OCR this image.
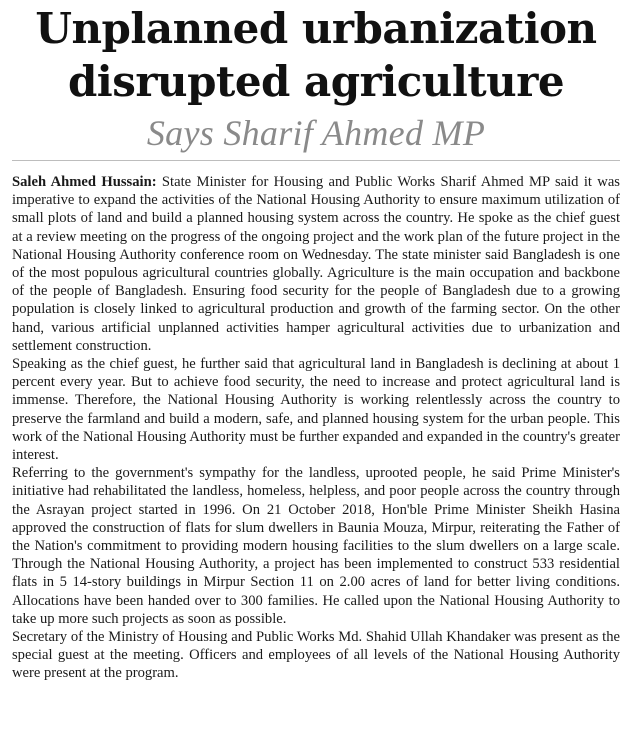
Unplanned urbanization
disrupted agriculture
Says Sharif Ahmed MP

Saleh Ahmed Hussain: State Minister for Housing and Public Works Sharif Ahmed MP said it was imperative to expand the activities of the National Housing Authority to ensure maximum utilization of small plots of land and build a planned housing system across the country. He spoke as the chief guest at a review meeting on the progress of the ongoing project and the work plan of the future project in the National Housing Authority conference room on Wednesday. The state minister said Bangladesh is one of the most populous agricultural countries globally. Agriculture is the main occupation and backbone of the people of Bangladesh. Ensuring food security for the people of Bangladesh due to a growing population is closely linked to agricultural production and growth of the farming sector. On the other hand, various artificial unplanned activities hamper agricultural activities due to urbanization and settlement construction.

Speaking as the chief guest, he further said that agricultural land in Bangladesh is declining at about 1 percent every year. But to achieve food security, the need to increase and protect agricultural land is immense. Therefore, the National Housing Authority is working relentlessly across the country to preserve the farmland and build a modern, safe, and planned housing system for the urban people. This work of the National Housing Authority must be further expanded and expanded in the country's greater interest.

Referring to the government's sympathy for the landless, uprooted people, he said Prime Minister's initiative had rehabilitated the landless, homeless, helpless, and poor people across the country through the Asrayan project started in 1996. On 21 October 2018, Hon'ble Prime Minister Sheikh Hasina approved the construction of flats for slum dwellers in Baunia Mouza, Mirpur, reiterating the Father of the Nation's commitment to providing modern housing facilities to the slum dwellers on a large scale. Through the National Housing Authority, a project has been implemented to construct 533 residential flats in 5 14-story buildings in Mirpur Section 11 on 2.00 acres of land for better living conditions. Allocations have been handed over to 300 families. He called upon the National Housing Authority to take up more such projects as soon as possible.

Secretary of the Ministry of Housing and Public Works Md. Shahid Ullah Khandaker was present as the special guest at the meeting. Officers and employees of all levels of the National Housing Authority were present at the program.
